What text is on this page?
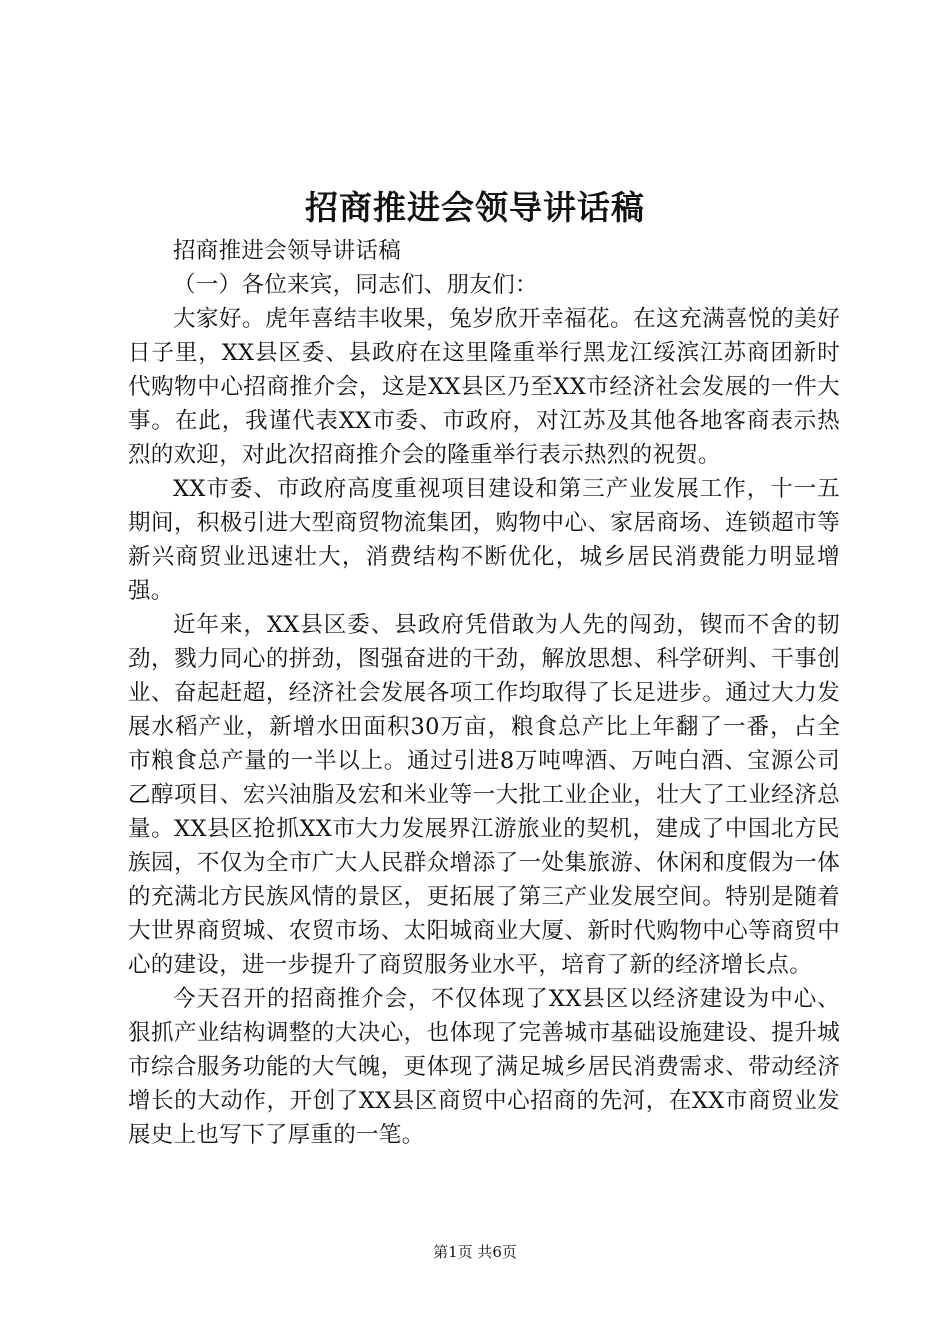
招商推进会领导讲话稿

招商推进会领导讲话稿

（一）各位来宾，同志们、朋友们：

大家好。虎年喜结丰收果，兔岁欣开幸福花。在这充满喜悦的美好日子里，XX县区委、县政府在这里隆重举行黑龙江绥滨江苏商团新时代购物中心招商推介会，这是XX县区乃至XX市经济社会发展的一件大事。在此，我谨代表XX市委、市政府，对江苏及其他各地客商表示热烈的欢迎，对此次招商推介会的隆重举行表示热烈的祝贺。

XX市委、市政府高度重视项目建设和第三产业发展工作，十一五期间，积极引进大型商贸物流集团，购物中心、家居商场、连锁超市等新兴商贸业迅速壮大，消费结构不断优化，城乡居民消费能力明显增强。

近年来，XX县区委、县政府凭借敢为人先的闯劲，锲而不舍的韧劲，戮力同心的拼劲，图强奋进的干劲，解放思想、科学研判、干事创业、奋起赶超，经济社会发展各项工作均取得了长足进步。通过大力发展水稻产业，新增水田面积30万亩，粮食总产比上年翻了一番，占全市粮食总产量的一半以上。通过引进8万吨啤酒、万吨白酒、宝源公司乙醇项目、宏兴油脂及宏和米业等一大批工业企业，壮大了工业经济总量。XX县区抢抓XX市大力发展界江游旅业的契机，建成了中国北方民族园，不仅为全市广大人民群众增添了一处集旅游、休闲和度假为一体的充满北方民族风情的景区，更拓展了第三产业发展空间。特别是随着大世界商贸城、农贸市场、太阳城商业大厦、新时代购物中心等商贸中心的建设，进一步提升了商贸服务业水平，培育了新的经济增长点。

今天召开的招商推介会，不仅体现了XX县区以经济建设为中心、狠抓产业结构调整的大决心，也体现了完善城市基础设施建设、提升城市综合服务功能的大气魄，更体现了满足城乡居民消费需求、带动经济增长的大动作，开创了XX县区商贸中心招商的先河，在XX市商贸业发展史上也写下了厚重的一笔。

第1页 共6页
